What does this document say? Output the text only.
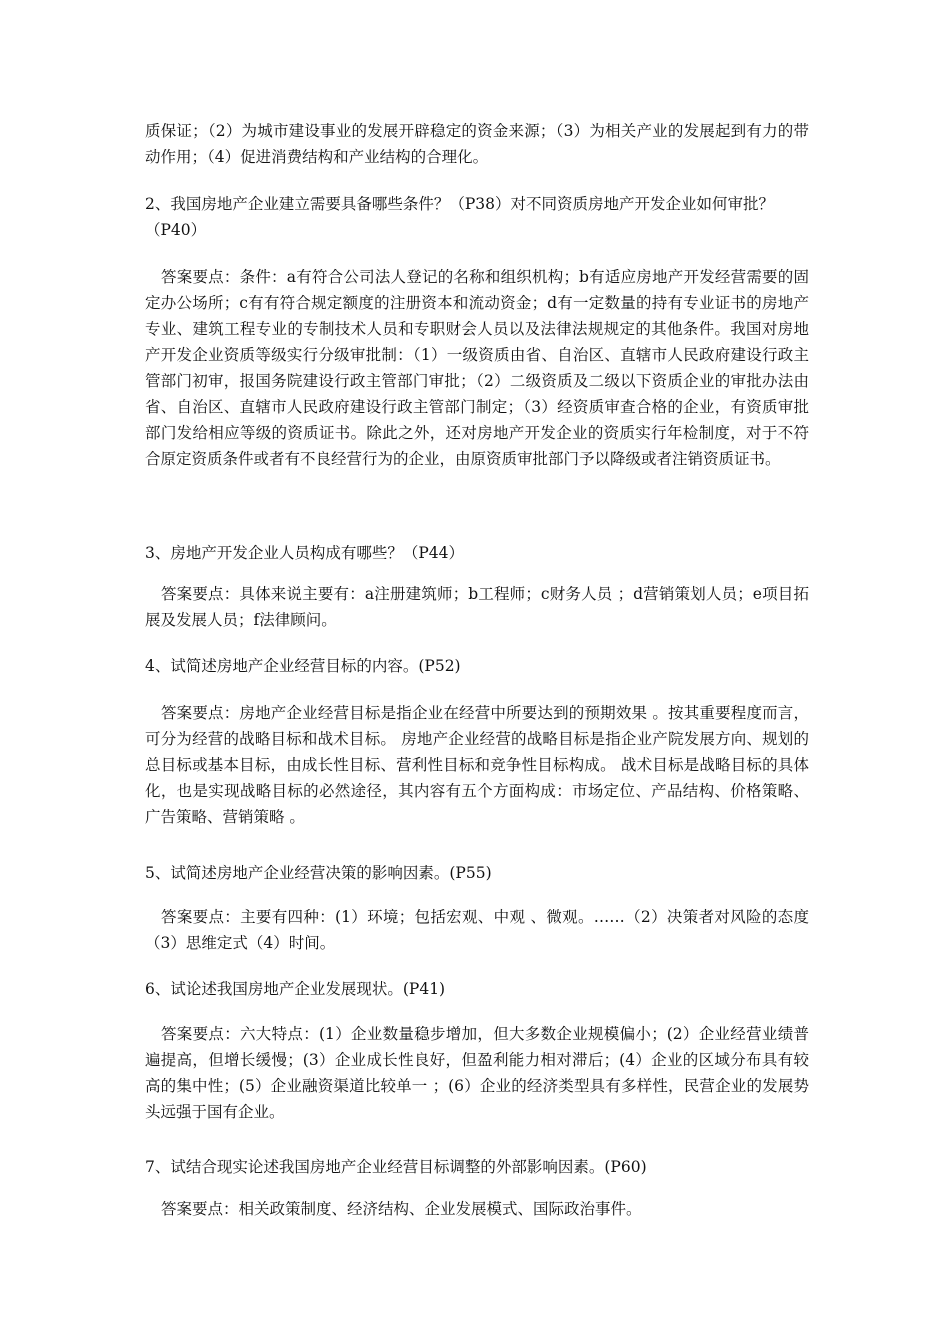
质保证；（2）为城市建设事业的发展开辟稳定的资金来源；（3）为相关产业的发展起到有力的带动作用；（4）促进消费结构和产业结构的合理化。

2、我国房地产企业建立需要具备哪些条件？（P38）对不同资质房地产开发企业如何审批？（P40）

答案要点：条件：a有符合公司法人登记的名称和组织机构；b有适应房地产开发经营需要的固定办公场所；c有有符合规定额度的注册资本和流动资金；d有一定数量的持有专业证书的房地产专业、建筑工程专业的专制技术人员和专职财会人员以及法律法规规定的其他条件。我国对房地产开发企业资质等级实行分级审批制：（1）一级资质由省、自治区、直辖市人民政府建设行政主管部门初审，报国务院建设行政主管部门审批；（2）二级资质及二级以下资质企业的审批办法由省、自治区、直辖市人民政府建设行政主管部门制定；（3）经资质审查合格的企业，有资质审批部门发给相应等级的资质证书。除此之外，还对房地产开发企业的资质实行年检制度，对于不符合原定资质条件或者有不良经营行为的企业，由原资质审批部门予以降级或者注销资质证书。

3、房地产开发企业人员构成有哪些？（P44）

答案要点：具体来说主要有：a注册建筑师；b工程师；c财务人员 ；d营销策划人员；e项目拓展及发展人员；f法律顾问。

4、试简述房地产企业经营目标的内容。(P52)

答案要点：房地产企业经营目标是指企业在经营中所要达到的预期效果 。按其重要程度而言，可分为经营的战略目标和战术目标。 房地产企业经营的战略目标是指企业产院发展方向、规划的总目标或基本目标，由成长性目标、营利性目标和竞争性目标构成。 战术目标是战略目标的具体化，也是实现战略目标的必然途径，其内容有五个方面构成：市场定位、产品结构、价格策略、广告策略、营销策略 。

5、试简述房地产企业经营决策的影响因素。(P55)

答案要点：主要有四种：(1）环境；包括宏观、中观 、微观。……（2）决策者对风险的态度（3）思维定式（4）时间。

6、试论述我国房地产企业发展现状。(P41)

答案要点：六大特点：(1）企业数量稳步增加，但大多数企业规模偏小；(2）企业经营业绩普遍提高，但增长缓慢；(3）企业成长性良好，但盈利能力相对滞后；(4）企业的区域分布具有较高的集中性；(5）企业融资渠道比较单一 ；(6）企业的经济类型具有多样性，民营企业的发展势头远强于国有企业。

7、试结合现实论述我国房地产企业经营目标调整的外部影响因素。(P60)

答案要点：相关政策制度、经济结构、企业发展模式、国际政治事件。
